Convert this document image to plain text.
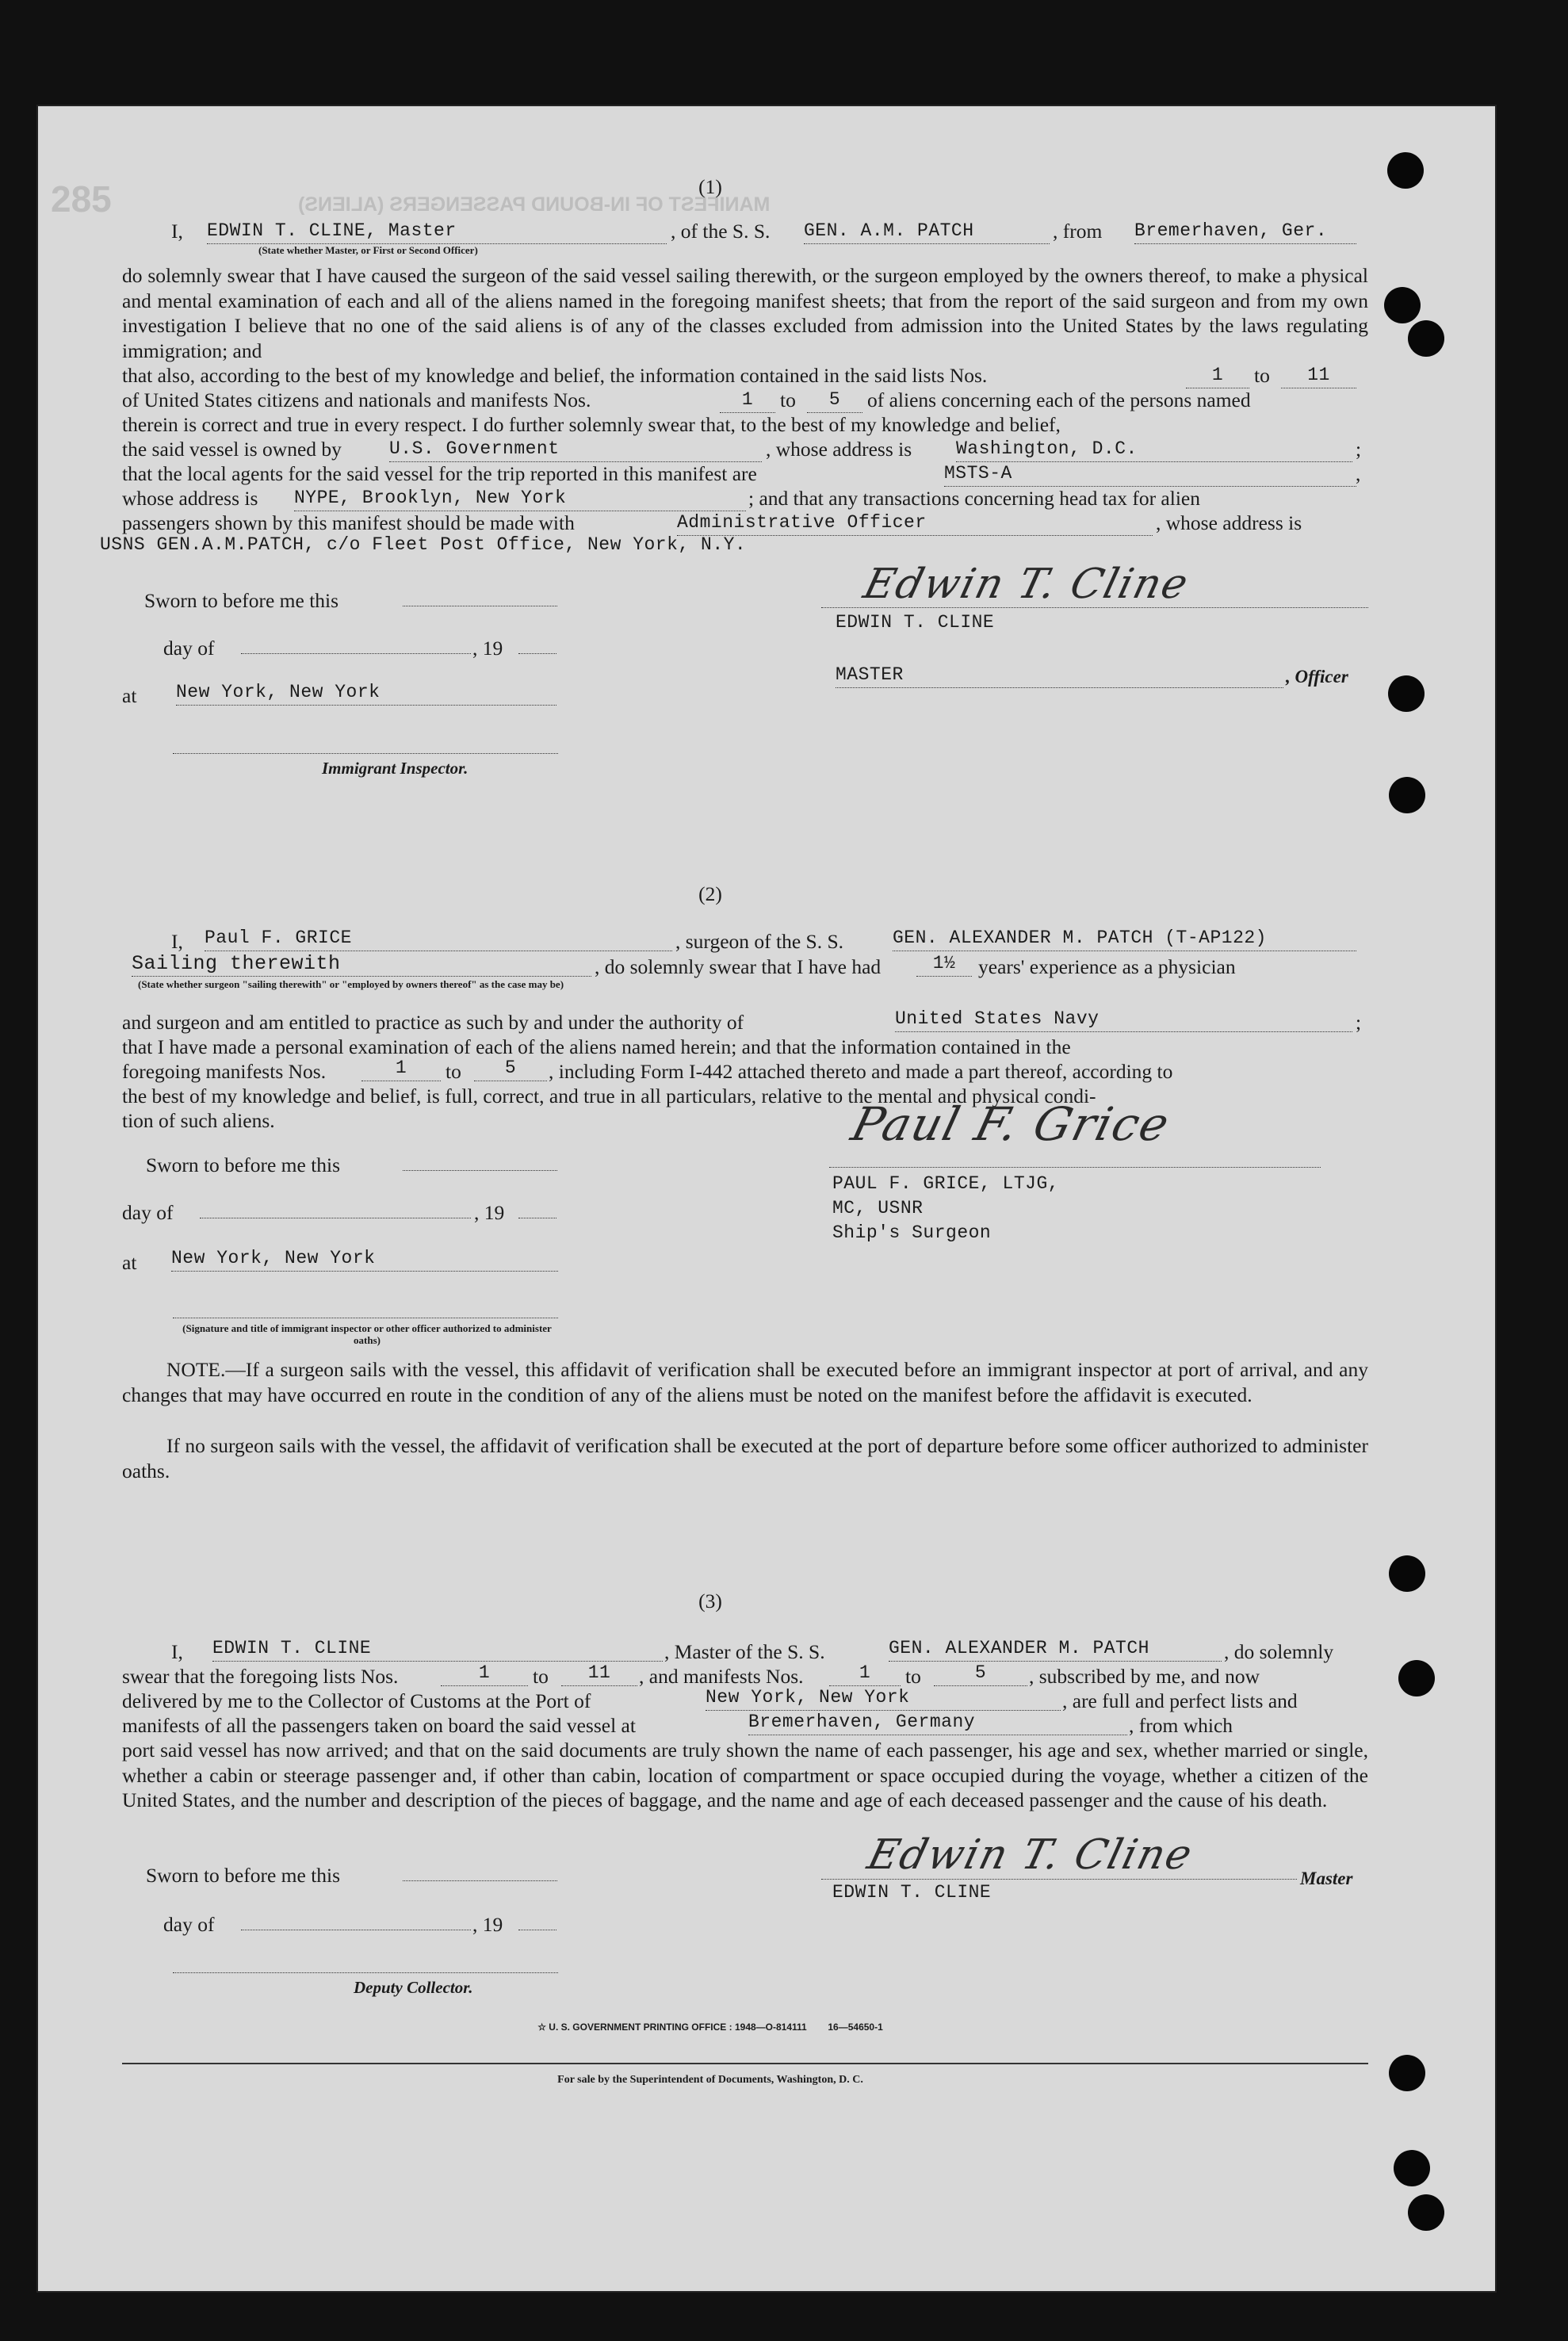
285	MANIFEST OF IN-BOUND PASSENGERS (ALIENS)
(1)
I, EDWIN T. CLINE, Master	, of the S. S. GEN. A.M. PATCH	, from Bremerhaven, Ger.
(State whether Master, or First or Second Officer)
do solemnly swear that I have caused the surgeon of the said vessel sailing therewith, or the surgeon employed by the owners thereof, to make a physical and mental examination of each and all of the aliens named in the foregoing manifest sheets; that from the report of the said surgeon and from my own investigation I believe that no one of the said aliens is of any of the classes excluded from admission into the United States by the laws regulating immigration; and
that also, according to the best of my knowledge and belief, the information contained in the said lists Nos.	1	to	11
of United States citizens and nationals and manifests Nos.	1	to	5	of aliens concerning each of the persons named
therein is correct and true in every respect. I do further solemnly swear that, to the best of my knowledge and belief,
the said vessel is owned by	U.S. Government	, whose address is Washington, D.C.	;
that the local agents for the said vessel for the trip reported in this manifest are	MSTS-A	,
whose address is NYPE, Brooklyn, New York	; and that any transactions concerning head tax for alien
passengers shown by this manifest should be made with	Administrative Officer	, whose address is
USNS GEN.A.M.PATCH, c/o Fleet Post Office, New York, N.Y.
Sworn to before me this
day of	, 19
at New York, New York
Immigrant Inspector.
Edwin T. Cline
EDWIN T. CLINE
MASTER	, Officer
(2)
I, Paul F. GRICE	, surgeon of the S. S.	GEN. ALEXANDER M. PATCH (T-AP122)
Sailing therewith	, do solemnly swear that I have had	1½	years' experience as a physician
(State whether surgeon "sailing therewith" or "employed by owners thereof" as the case may be)
and surgeon and am entitled to practice as such by and under the authority of	United States Navy	;
that I have made a personal examination of each of the aliens named herein; and that the information contained in the
foregoing manifests Nos.	1	to	5	, including Form I-442 attached thereto and made a part thereof, according to
the best of my knowledge and belief, is full, correct, and true in all particulars, relative to the mental and physical condi-
tion of such aliens.
Sworn to before me this
day of	, 19
at New York, New York
(Signature and title of immigrant inspector or other officer authorized to administer oaths)
Paul F. Grice
PAUL F. GRICE, LTJG,
MC, USNR
Ship's Surgeon
NOTE.—If a surgeon sails with the vessel, this affidavit of verification shall be executed before an immigrant inspector at port of arrival, and any changes that may have occurred en route in the condition of any of the aliens must be noted on the manifest before the affidavit is executed.
If no surgeon sails with the vessel, the affidavit of verification shall be executed at the port of departure before some officer authorized to administer oaths.
(3)
I, EDWIN T. CLINE	, Master of the S. S.	GEN. ALEXANDER M. PATCH	, do solemnly
swear that the foregoing lists Nos.	1	to	11	, and manifests Nos.	1	to	5	, subscribed by me, and now
delivered by me to the Collector of Customs at the Port of	New York, New York	, are full and perfect lists and
manifests of all the passengers taken on board the said vessel at	Bremerhaven, Germany	, from which
port said vessel has now arrived; and that on the said documents are truly shown the name of each passenger, his age and sex, whether married or single, whether a cabin or steerage passenger and, if other than cabin, location of compartment or space occupied during the voyage, whether a citizen of the United States, and the number and description of the pieces of baggage, and the name and age of each deceased passenger and the cause of his death.
Sworn to before me this
day of	, 19
Deputy Collector.
Edwin T. Cline	Master
EDWIN T. CLINE
☆ U. S. GOVERNMENT PRINTING OFFICE : 1948—O-814111        16—54650-1
For sale by the Superintendent of Documents, Washington, D. C.
